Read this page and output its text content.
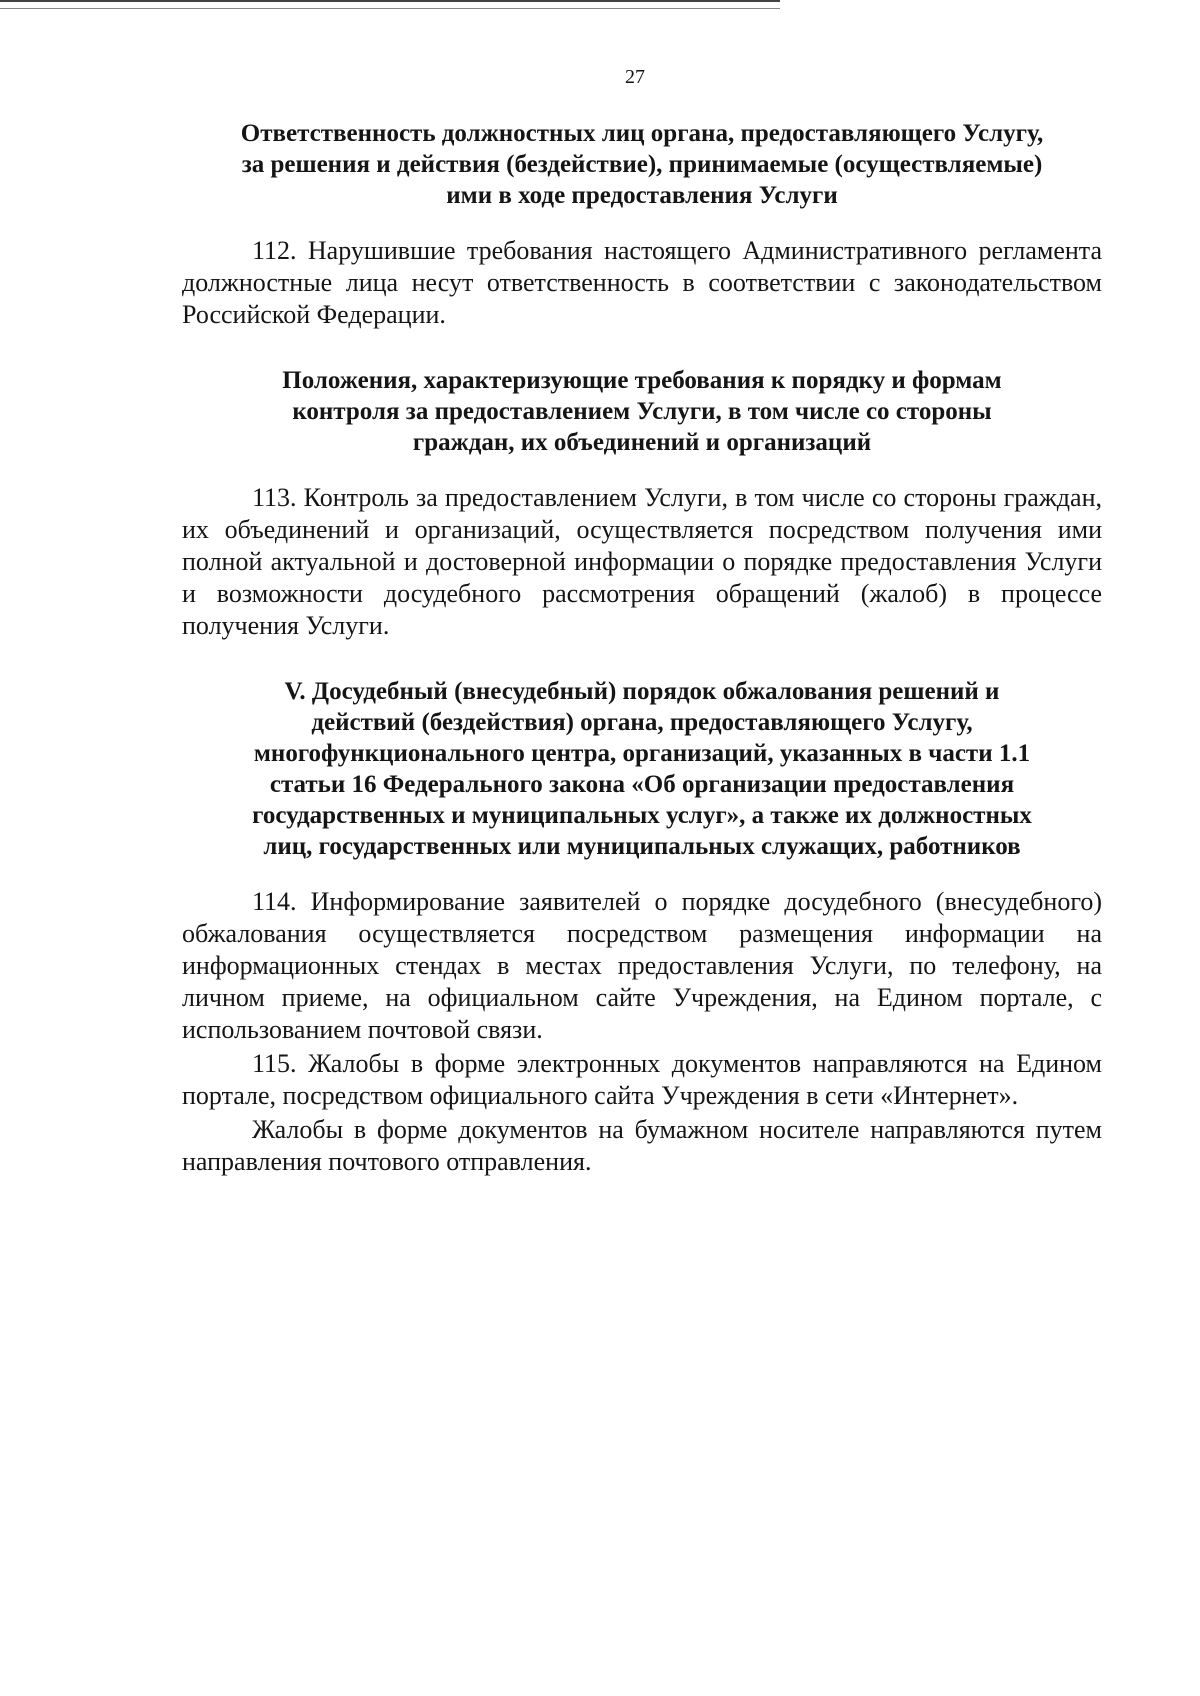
27
Ответственность должностных лиц органа, предоставляющего Услугу,
за решения и действия (бездействие), принимаемые (осуществляемые)
ими в ходе предоставления Услуги

112. Нарушившие требования настоящего Административного регламента должностные лица несут ответственность в соответствии с законодательством Российской Федерации.

Положения, характеризующие требования к порядку и формам
контроля за предоставлением Услуги, в том числе со стороны
граждан, их объединений и организаций

113. Контроль за предоставлением Услуги, в том числе со стороны граждан, их объединений и организаций, осуществляется посредством получения ими полной актуальной и достоверной информации о порядке предоставления Услуги и возможности досудебного рассмотрения обращений (жалоб) в процессе получения Услуги.

V. Досудебный (внесудебный) порядок обжалования решений и
действий (бездействия) органа, предоставляющего Услугу,
многофункционального центра, организаций, указанных в части 1.1
статьи 16 Федерального закона «Об организации предоставления
государственных и муниципальных услуг», а также их должностных
лиц, государственных или муниципальных служащих, работников

114. Информирование заявителей о порядке досудебного (внесудебного) обжалования осуществляется посредством размещения информации на информационных стендах в местах предоставления Услуги, по телефону, на личном приеме, на официальном сайте Учреждения, на Едином портале, с использованием почтовой связи.

115. Жалобы в форме электронных документов направляются на Едином портале, посредством официального сайта Учреждения в сети «Интернет».

Жалобы в форме документов на бумажном носителе направляются путем направления почтового отправления.
